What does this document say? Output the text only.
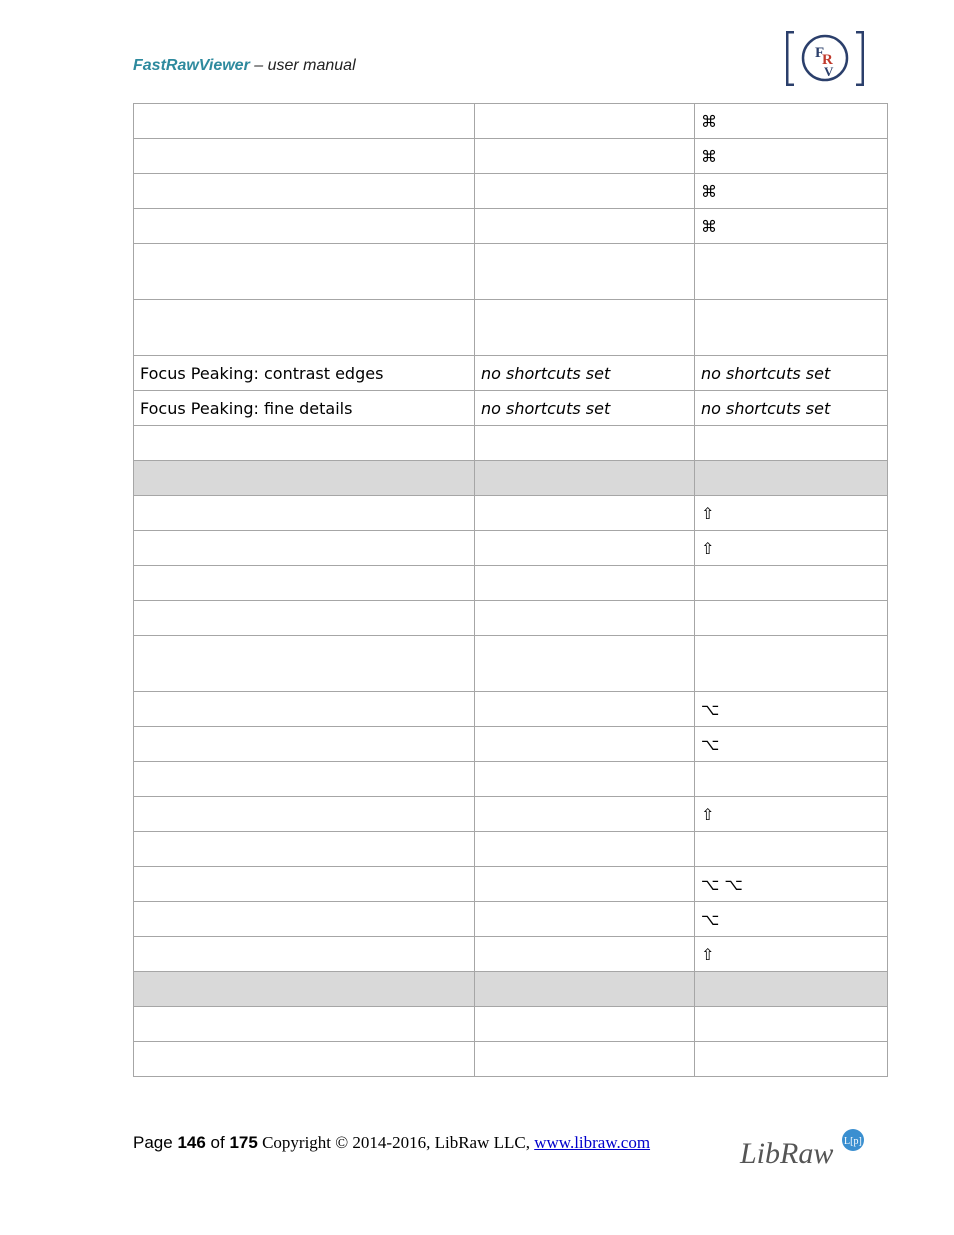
FastRawViewer – user manual
F
R
V
		⌘
		⌘
		⌘
		⌘

Focus Peaking: contrast edges	no shortcuts set	no shortcuts set
Focus Peaking: fine details	no shortcuts set	no shortcuts set

		⇧
		⇧

		⌥
		⌥

		⇧

		⌥ ⌥
		⌥
		⇧

Page 146 of 175 Copyright © 2014-2016, LibRaw LLC, www.libraw.com	LibRaw L[p]
